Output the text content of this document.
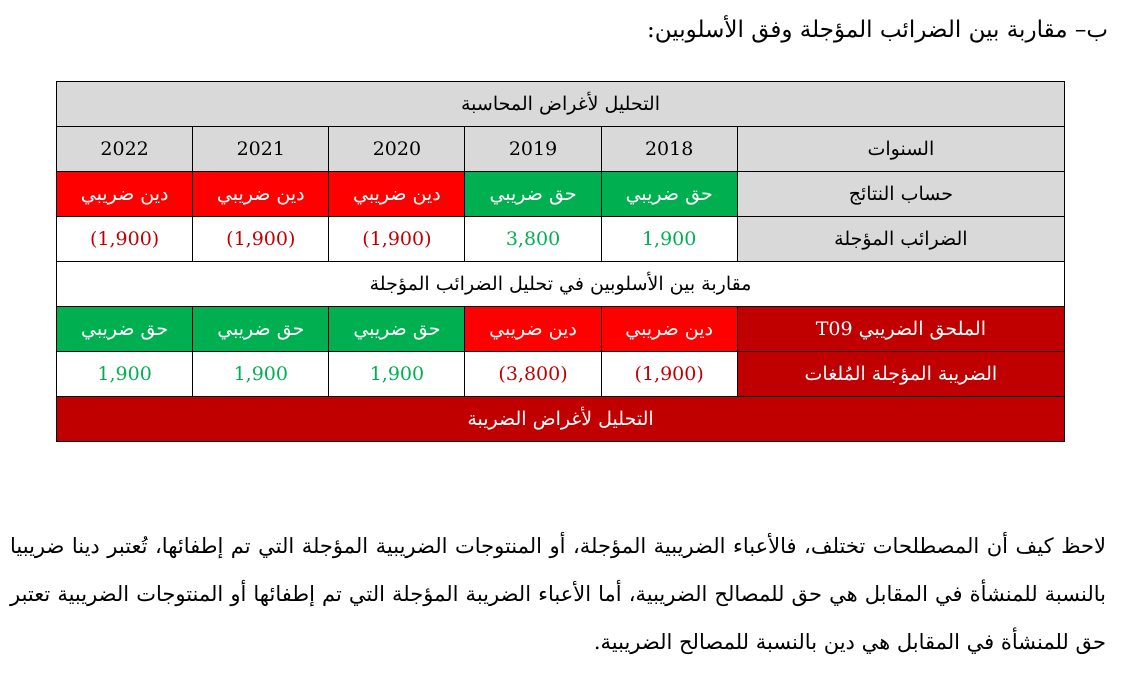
ب– مقاربة بين الضرائب المؤجلة وفق الأسلوبين:
التحليل لأغراض المحاسبة					
السنوات	2018	2019	2020	2021	2022
حساب النتائج	حق ضريبي	حق ضريبي	دين ضريبي	دين ضريبي	دين ضريبي
الضرائب المؤجلة	1,900	3,800	(1,900)	(1,900)	(1,900)
مقاربة بين الأسلوبين في تحليل الضرائب المؤجلة					
الملحق الضريبي T09	دين ضريبي	دين ضريبي	حق ضريبي	حق ضريبي	حق ضريبي
الضريبة المؤجلة المُلغات	(1,900)	(3,800)	1,900	1,900	1,900
التحليل لأغراض الضريبة					

لاحظ كيف أن المصطلحات تختلف، فالأعباء الضريبية المؤجلة، أو المنتوجات الضريبية المؤجلة التي تم إطفائها، تُعتبر دينا ضريبيا بالنسبة للمنشأة في المقابل هي حق للمصالح الضريبية، أما الأعباء الضريبة المؤجلة التي تم إطفائها أو المنتوجات الضريبية تعتبر حق للمنشأة في المقابل هي دين بالنسبة للمصالح الضريبية.
